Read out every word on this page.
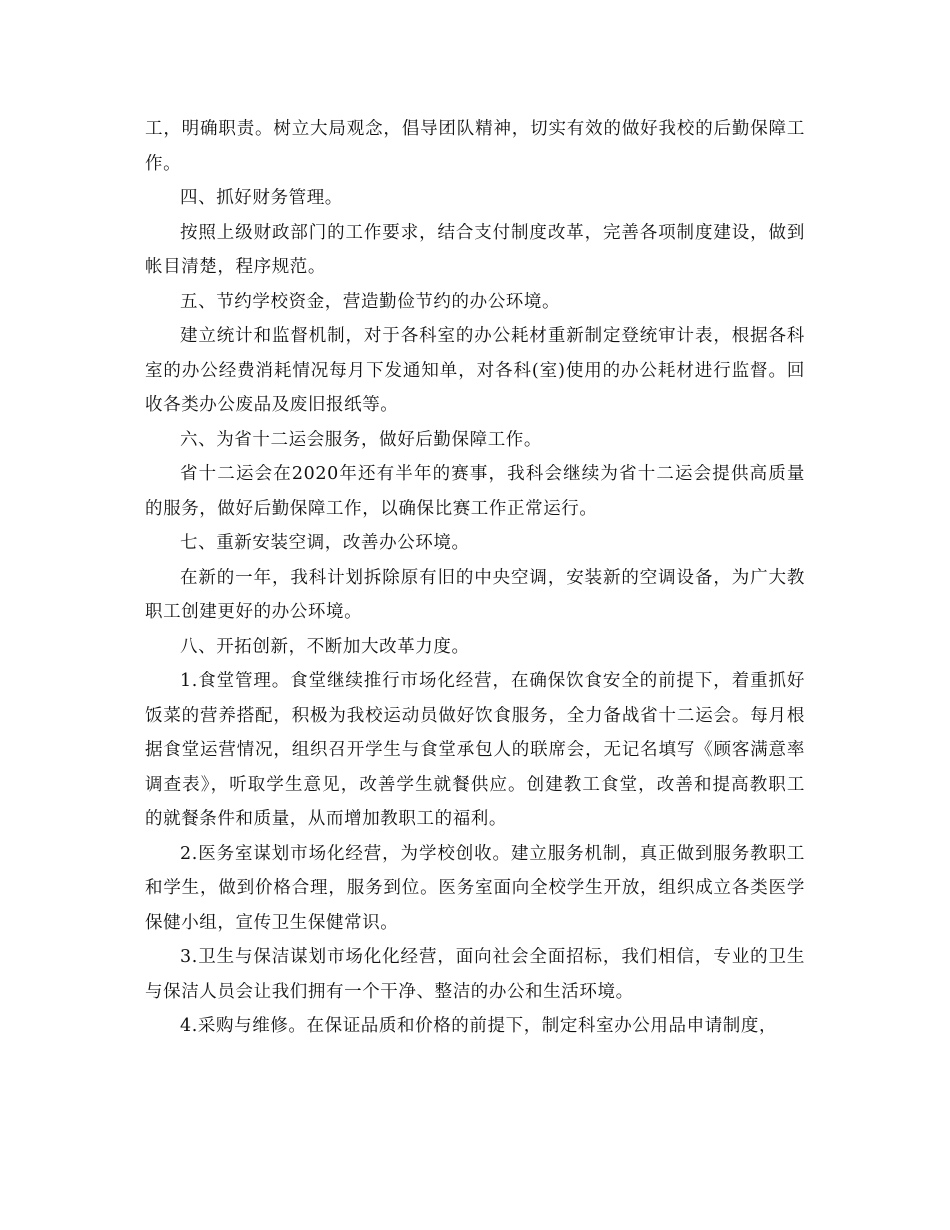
工，明确职责。树立大局观念，倡导团队精神，切实有效的做好我校的后勤保障工作。

四、抓好财务管理。

按照上级财政部门的工作要求，结合支付制度改革，完善各项制度建设，做到帐目清楚，程序规范。

五、节约学校资金，营造勤俭节约的办公环境。

建立统计和监督机制，对于各科室的办公耗材重新制定登统审计表，根据各科室的办公经费消耗情况每月下发通知单，对各科(室)使用的办公耗材进行监督。回收各类办公废品及废旧报纸等。

六、为省十二运会服务，做好后勤保障工作。

省十二运会在2020年还有半年的赛事，我科会继续为省十二运会提供高质量的服务，做好后勤保障工作，以确保比赛工作正常运行。

七、重新安装空调，改善办公环境。

在新的一年，我科计划拆除原有旧的中央空调，安装新的空调设备，为广大教职工创建更好的办公环境。

八、开拓创新，不断加大改革力度。

1.食堂管理。食堂继续推行市场化经营，在确保饮食安全的前提下，着重抓好饭菜的营养搭配，积极为我校运动员做好饮食服务，全力备战省十二运会。每月根据食堂运营情况，组织召开学生与食堂承包人的联席会，无记名填写《顾客满意率调查表》，听取学生意见，改善学生就餐供应。创建教工食堂，改善和提高教职工的就餐条件和质量，从而增加教职工的福利。

2.医务室谋划市场化经营，为学校创收。建立服务机制，真正做到服务教职工和学生，做到价格合理，服务到位。医务室面向全校学生开放，组织成立各类医学保健小组，宣传卫生保健常识。

3.卫生与保洁谋划市场化化经营，面向社会全面招标，我们相信，专业的卫生与保洁人员会让我们拥有一个干净、整洁的办公和生活环境。

4.采购与维修。在保证品质和价格的前提下，制定科室办公用品申请制度，
